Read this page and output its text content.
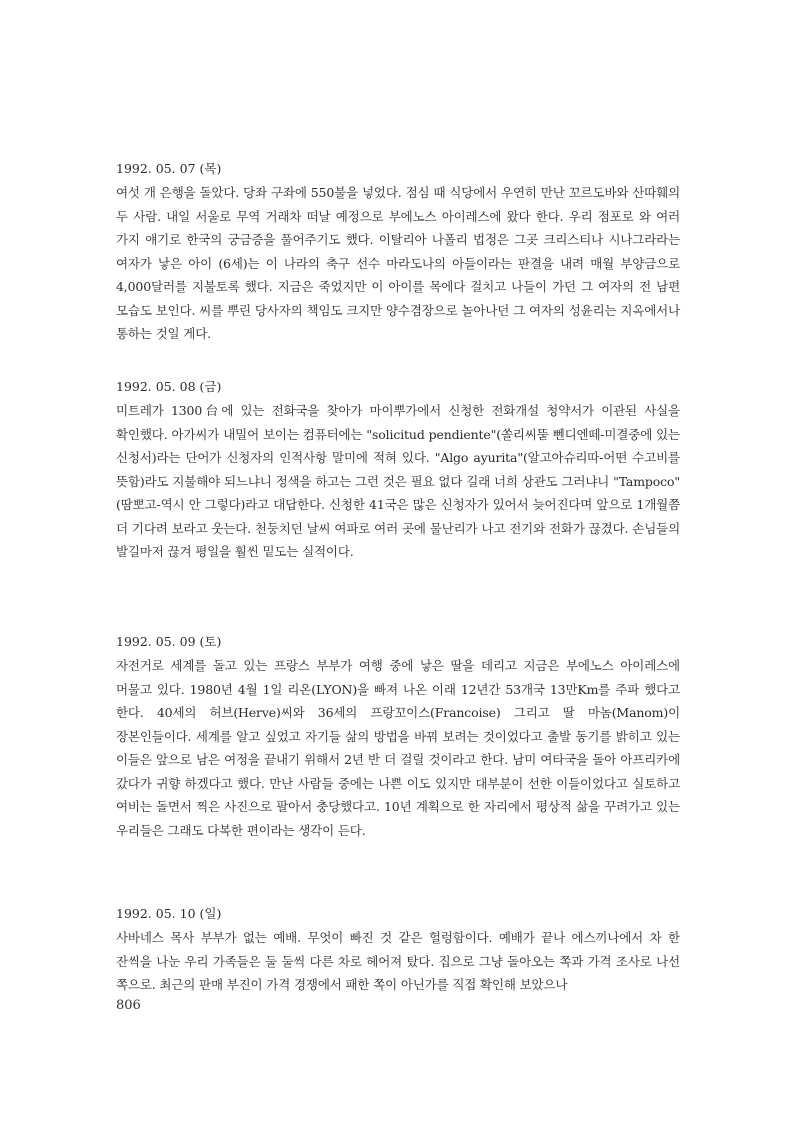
1992. 05. 07 (목)
여섯 개 은행을 돌았다. 당좌 구좌에 550불을 넣었다. 점심 때 식당에서 우연히 만난 꼬르도바와 산따훼의 두 사람. 내일 서울로 무역 거래차 떠날 예정으로 부에노스 아이레스에 왔다 한다. 우리 점포로 와 여러 가지 얘기로 한국의 궁금증을 풀어주기도 했다. 이탈리아 나폴리 법정은 그곳 크리스티나 시나그라라는 여자가 낳은 아이 (6세)는 이 나라의 축구 선수 마라도나의 아들이라는 판결을 내려 매월 부양금으로 4,000달러를 지불토록 했다. 지금은 죽었지만 이 아이를 목에다 걸치고 나들이 가던 그 여자의 전 남편 모습도 보인다. 씨를 뿌린 당사자의 책임도 크지만 양수겸장으로 놀아나던 그 여자의 성윤리는 지옥에서나 통하는 것일 게다.
1992. 05. 08 (금)
미트레가 1300台에 있는 전화국을 찾아가 마이뿌가에서 신청한 전화개설 청약서가 이관된 사실을 확인했다. 아가씨가 내밀어 보이는 컴퓨터에는 "solicitud pendiente"(쏠리씨뚣 뻰디엔떼-미결중에 있는 신청서)라는 단어가 신청자의 인적사항 말미에 적혀 있다. "Algo ayurita"(알고아슈리따-어떤 수고비를 뜻함)라도 지불해야 되느냐니 정색을 하고는 그런 것은 필요 없다 길래 너희 상관도 그러냐니 "Tampoco"(땀뽀고-역시 안 그렇다)라고 대답한다. 신청한 41국은 많은 신청자가 있어서 늦어진다며 앞으로 1개월쯤 더 기다려 보라고 웃는다. 천둥치던 날씨 여파로 여러 곳에 물난리가 나고 전기와 전화가 끊겼다. 손님들의 발길마저 끊겨 평일을 훨씬 밑도는 실적이다.
1992. 05. 09 (토)
자전거로 세계를 돌고 있는 프랑스 부부가 여행 중에 낳은 딸을 데리고 지금은 부에노스 아이레스에 머물고 있다. 1980년 4월 1일 리온(LYON)을 빠져 나온 이래 12년간 53개국 13만Km를 주파 했다고 한다. 40세의 허브(Herve)씨와 36세의 프랑꼬이스(Francoise) 그리고 딸 마놈(Manom)이 장본인들이다. 세계를 알고 싶었고 자기들 삶의 방법을 바꿔 보려는 것이었다고 출발 동기를 밝히고 있는 이들은 앞으로 남은 여정을 끝내기 위해서 2년 반 더 걸릴 것이라고 한다. 남미 여타국을 돌아 아프리카에 갔다가 귀향 하겠다고 했다. 만난 사람들 중에는 나쁜 이도 있지만 대부분이 선한 이들이었다고 실토하고 여비는 돌면서 찍은 사진으로 팔아서 충당했다고. 10년 계획으로 한 자리에서 평상적 삶을 꾸려가고 있는 우리들은 그래도 다복한 편이라는 생각이 든다.
1992. 05. 10 (일)
사바네스 목사 부부가 없는 예배. 무엇이 빠진 것 같은 헐렁함이다. 예배가 끝나 에스끼나에서 차 한 잔씩을 나눈 우리 가족들은 둘 둘씩 다른 차로 헤어져 탔다. 집으로 그냥 돌아오는 쪽과 가격 조사로 나선 쪽으로. 최근의 판매 부진이 가격 경쟁에서 패한 쪽이 아닌가를 직접 확인해 보았으나
806
